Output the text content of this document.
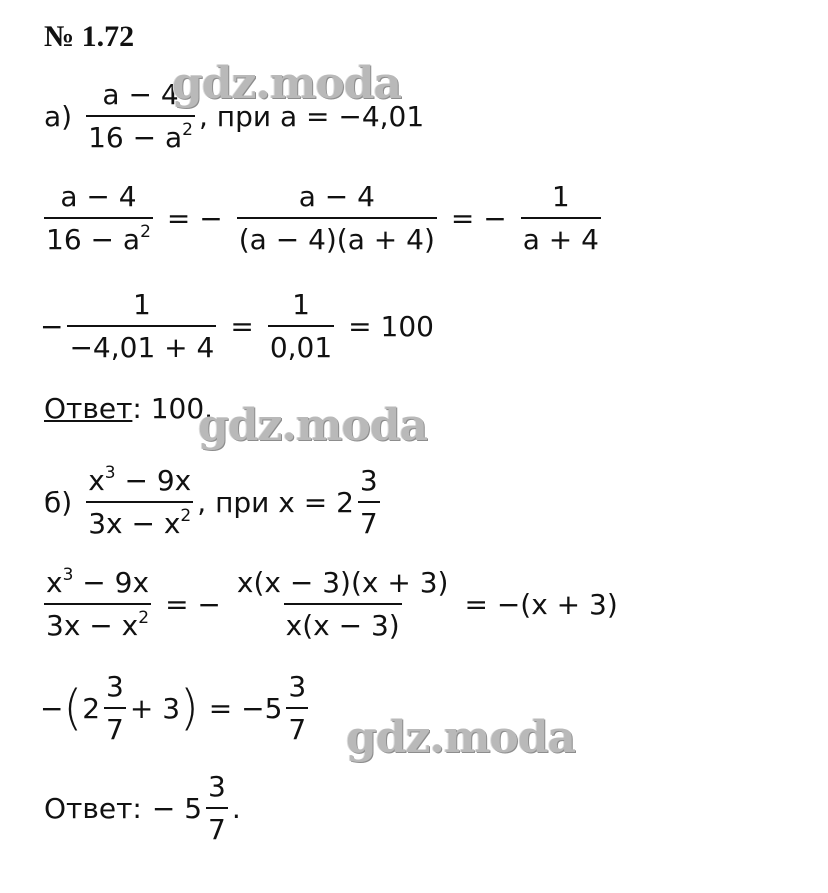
№ 1.72
$а) \frac{a - 4}{16 - a^2}$ , при a = −4,01
$\frac{a - 4}{16 - a^2}$ = − $\frac{a - 4}{(a - 4)(a + 4)}$ = − $\frac{1}{a + 4}$
− $\frac{1}{-4,01 + 4} = \frac{1}{0,01} = 100$
Ответ: 100.
$б) \frac{x^3 - 9x}{3x - x^2}$ , при $x = 2 \frac{3}{7}$
$\frac{x^3 - 9x}{3x - x^2}$ = − $\frac{x(x - 3)(x + 3)}{x(x - 3)} = -(x + 3)$
− ( $2 \frac{3}{7} + 3$ ) = $-5 \frac{3}{7}$
Ответ: − $5 \frac{3}{7}$ .
gdz.moda
gdz.moda
gdz.moda
